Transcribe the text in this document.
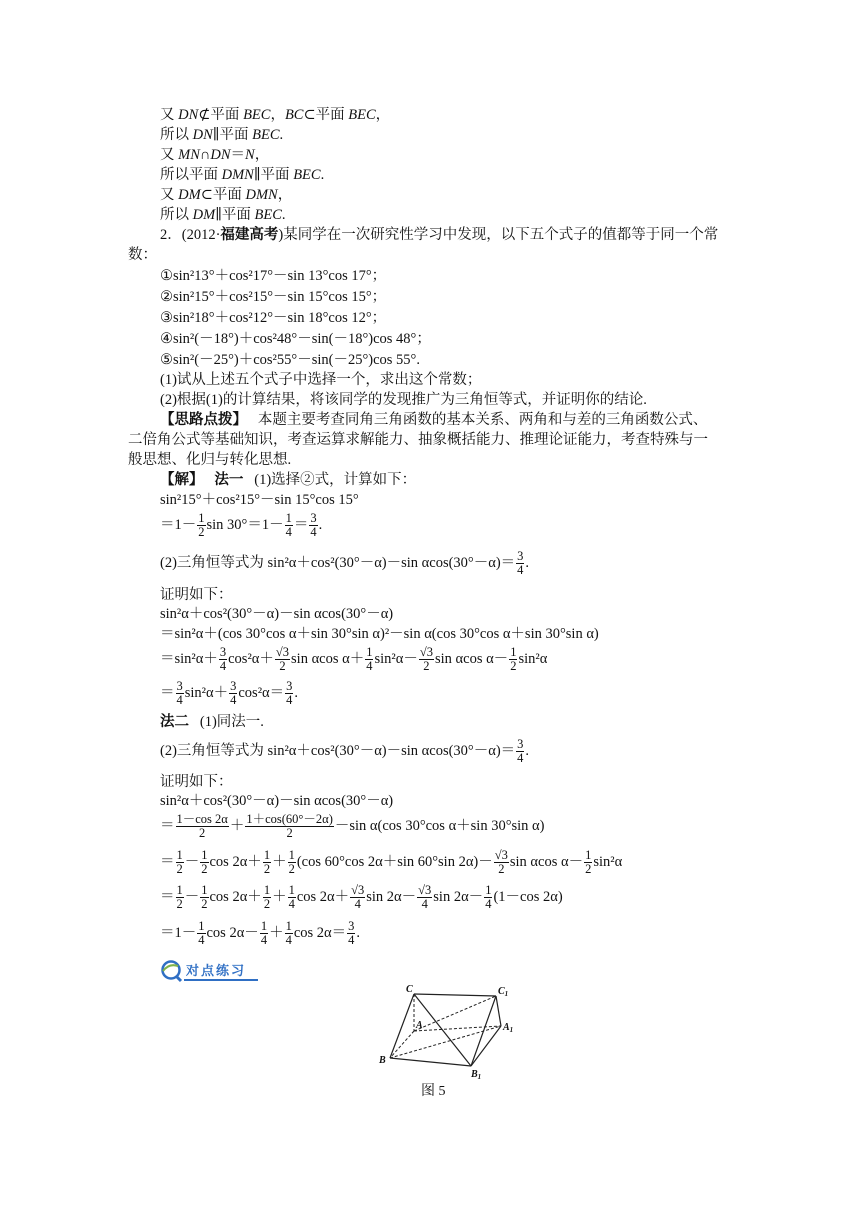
又 DN⊄平面 BEC，BC⊂平面 BEC，
所以 DN∥平面 BEC.
又 MN∩DN＝N，
所以平面 DMN∥平面 BEC.
又 DM⊂平面 DMN，
所以 DM∥平面 BEC.
2．(2012·福建高考)某同学在一次研究性学习中发现，以下五个式子的值都等于同一个常
数：
①sin²13°＋cos²17°－sin 13°cos 17°；
②sin²15°＋cos²15°－sin 15°cos 15°；
③sin²18°＋cos²12°－sin 18°cos 12°；
④sin²(－18°)＋cos²48°－sin(－18°)cos 48°；
⑤sin²(－25°)＋cos²55°－sin(－25°)cos 55°.
(1)试从上述五个式子中选择一个，求出这个常数；
(2)根据(1)的计算结果，将该同学的发现推广为三角恒等式，并证明你的结论.
【思路点拨】 本题主要考查同角三角函数的基本关系、两角和与差的三角函数公式、
二倍角公式等基础知识，考查运算求解能力、抽象概括能力、推理论证能力，考查特殊与一
般思想、化归与转化思想.
【解】 法一 (1)选择②式，计算如下：
sin²15°＋cos²15°－sin 15°cos 15°
$=1- \frac{1}{2}$ $\sin 30^\circ=1- \frac{1}{4} = \frac{3}{4}$ .
(2)三角恒等式为 sin²α＋cos²(30°－α)－sin $\alpha\cos(30^\circ-\alpha)= \frac{3}{4}$ .
证明如下：
sin²α＋cos²(30°－α)－sin αcos(30°－α)
＝sin²α＋(cos 30°cos α＋sin 30°sin α)²－sin α(cos 30°cos α＋sin 30°sin α)
$=\sin^2\alpha+ \frac{3}{4} \cos^2\alpha+ \frac{√3}{2}$ sin αcos $\alpha+ \frac{1}{4} \sin^2\alpha- \frac{√3}{2}$ sin αcos $\alpha- \frac{1}{2} \sin^2\alpha$
＝ $\frac{3}{4} \sin^2\alpha+ \frac{3}{4} \cos^2\alpha= \frac{3}{4}$ .
法二 (1)同法一.
(2)三角恒等式为 sin²α＋cos²(30°－α)－sin $\alpha\cos(30^\circ-\alpha)= \frac{3}{4}$ .
证明如下：
sin²α＋cos²(30°－α)－sin αcos(30°－α)
＝ $\frac{1-\cos 2\alpha}{2} + \frac{1+\cos(60^\circ-2\alpha)}{2} -\sin$ α(cos 30°cos α＋sin 30°sin α)
＝ $\frac{1}{2} - \frac{1}{2}$ $\cos 2\alpha+ \frac{1}{2} + \frac{1}{2} (\cos$ 60°cos 2α＋sin 60°sin $2\alpha)- \frac{√3}{2}$ sin αcos $\alpha- \frac{1}{2} \sin^2\alpha$
＝ $\frac{1}{2} - \frac{1}{2}$ $\cos 2\alpha+ \frac{1}{2} + \frac{1}{4}$ $\cos 2\alpha+ \frac{√3}{4}$ $\sin 2\alpha- \frac{√3}{4}$ $\sin 2\alpha- \frac{1}{4} (1-\cos$ 2α)
$=1- \frac{1}{4}$ $\cos 2\alpha- \frac{1}{4} + \frac{1}{4}$ $\cos 2\alpha= \frac{3}{4}$ .
对点练习
C	$C_1$
A	$A_1$
B
$B_1$
图 5
